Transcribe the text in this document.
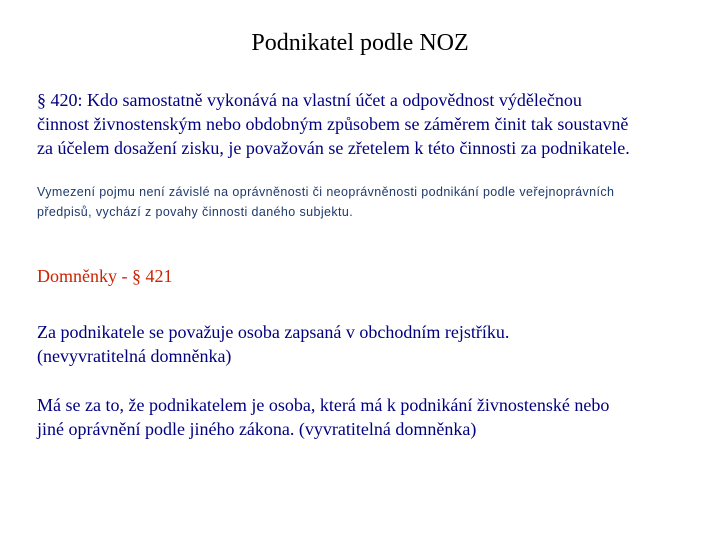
Podnikatel podle NOZ
§ 420: Kdo samostatně vykonává na vlastní účet a odpovědnost výdělečnou
činnost živnostenským nebo obdobným způsobem se záměrem činit tak soustavně
za účelem dosažení zisku, je považován se zřetelem k této činnosti za podnikatele.
Vymezení pojmu není závislé na oprávněnosti či neoprávněnosti podnikání podle veřejnoprávních
předpisů, vychází z povahy činnosti daného subjektu.
Domněnky - § 421
Za podnikatele se považuje osoba zapsaná v obchodním rejstříku.
(nevyvratitelná domněnka)
Má se za to, že podnikatelem je osoba, která má k podnikání živnostenské nebo
jiné oprávnění podle jiného zákona. (vyvratitelná domněnka)
